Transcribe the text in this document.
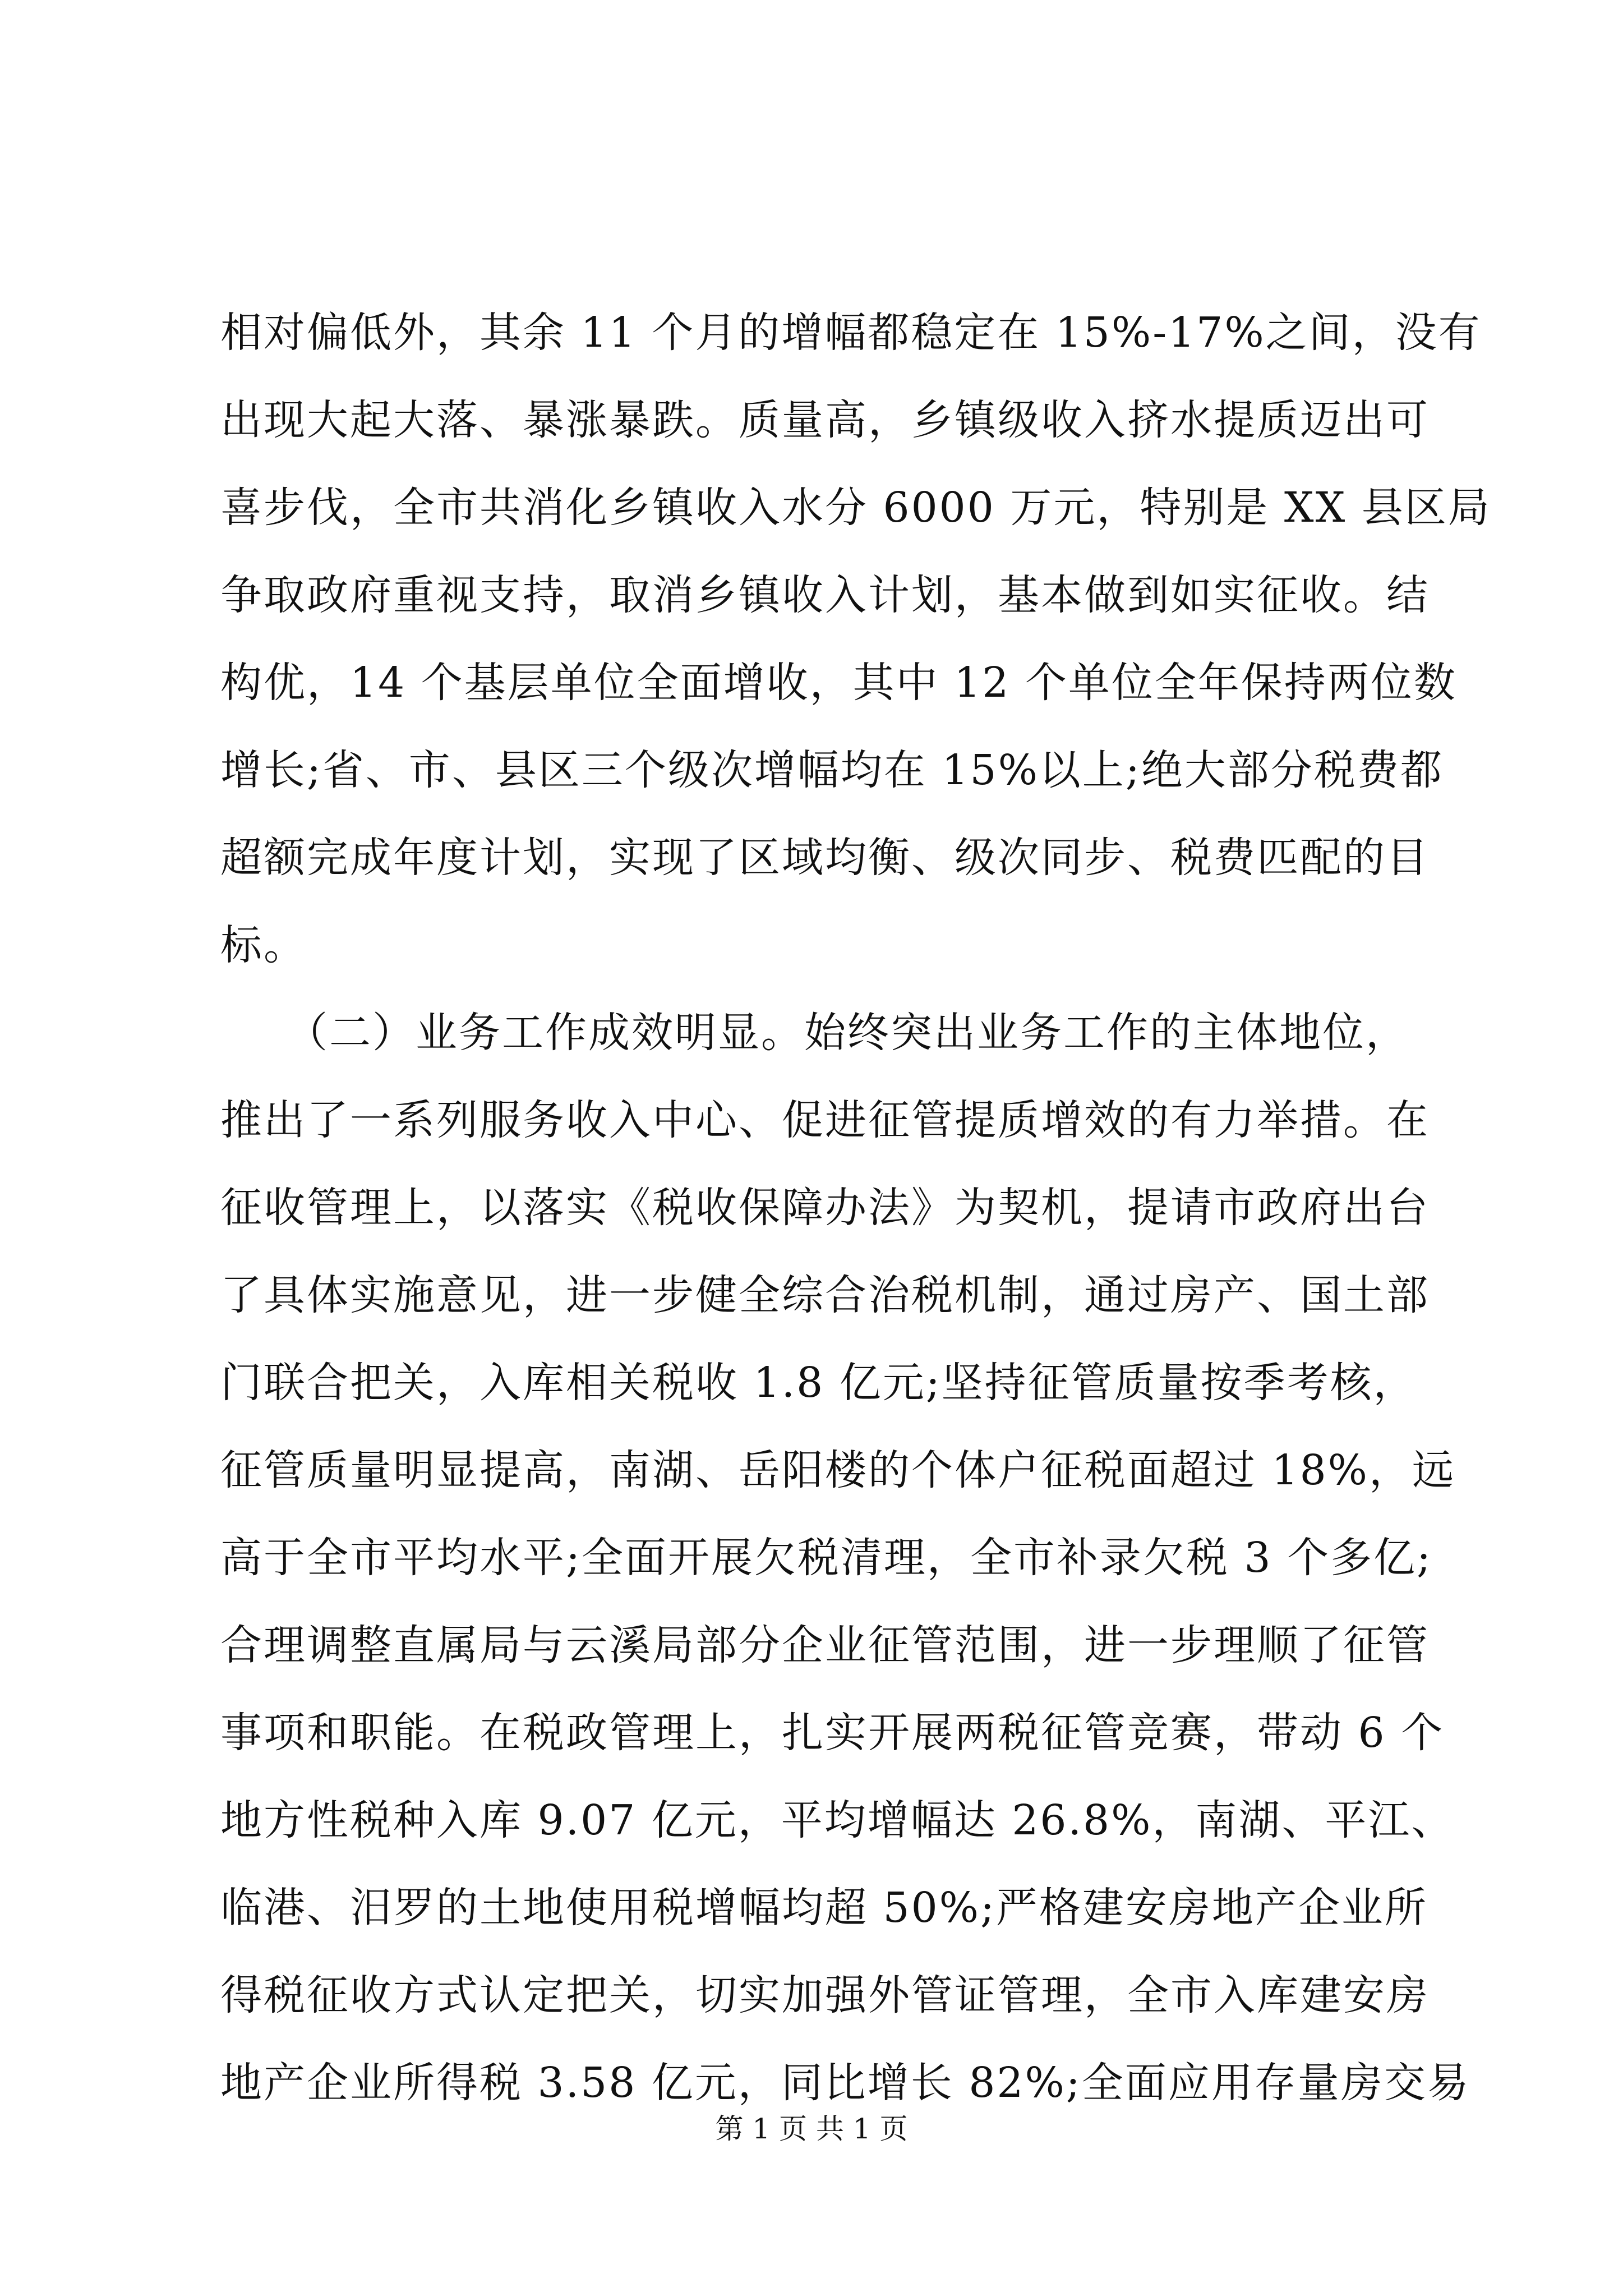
相对偏低外，其余 11 个月的增幅都稳定在 15%-17%之间，没有
出现大起大落、暴涨暴跌。质量高，乡镇级收入挤水提质迈出可
喜步伐，全市共消化乡镇收入水分 6000 万元，特别是 XX 县区局
争取政府重视支持，取消乡镇收入计划，基本做到如实征收。结
构优，14 个基层单位全面增收，其中 12 个单位全年保持两位数
增长;省、市、县区三个级次增幅均在 15%以上;绝大部分税费都
超额完成年度计划，实现了区域均衡、级次同步、税费匹配的目
标。
　　（二）业务工作成效明显。始终突出业务工作的主体地位，
推出了一系列服务收入中心、促进征管提质增效的有力举措。在
征收管理上，以落实《税收保障办法》为契机，提请市政府出台
了具体实施意见，进一步健全综合治税机制，通过房产、国土部
门联合把关，入库相关税收 1.8 亿元;坚持征管质量按季考核，
征管质量明显提高，南湖、岳阳楼的个体户征税面超过 18%，远
高于全市平均水平;全面开展欠税清理，全市补录欠税 3 个多亿;
合理调整直属局与云溪局部分企业征管范围，进一步理顺了征管
事项和职能。在税政管理上，扎实开展两税征管竞赛，带动 6 个
地方性税种入库 9.07 亿元，平均增幅达 26.8%，南湖、平江、
临港、汨罗的土地使用税增幅均超 50%;严格建安房地产企业所
得税征收方式认定把关，切实加强外管证管理，全市入库建安房
地产企业所得税 3.58 亿元，同比增长 82%;全面应用存量房交易
第 1 页 共 1 页
